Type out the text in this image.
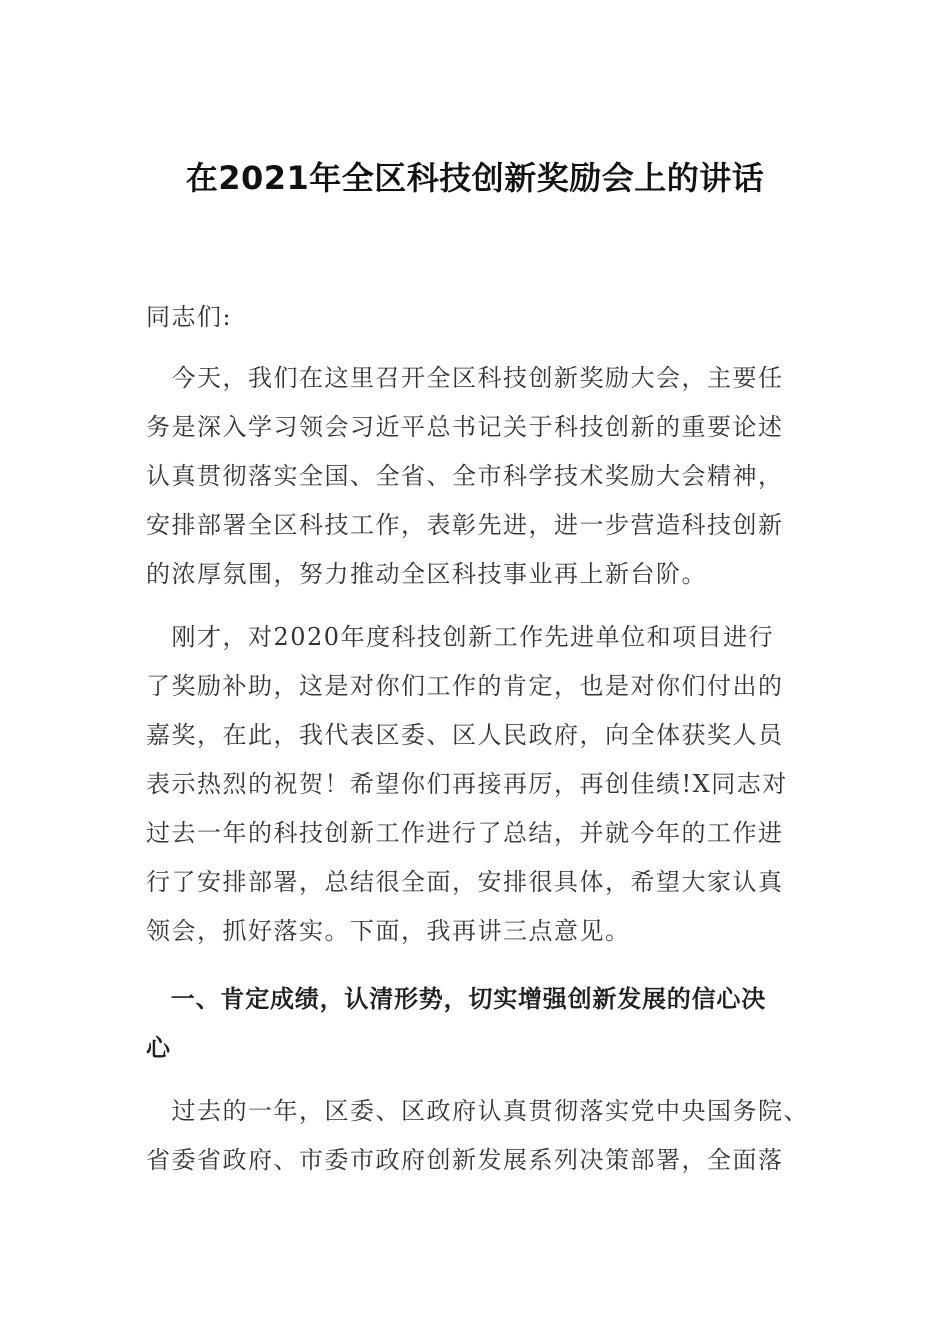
在2021年全区科技创新奖励会上的讲话
同志们:
　今天，我们在这里召开全区科技创新奖励大会，主要任
务是深入学习领会习近平总书记关于科技创新的重要论述
认真贯彻落实全国、全省、全市科学技术奖励大会精神，
安排部署全区科技工作，表彰先进，进一步营造科技创新
的浓厚氛围，努力推动全区科技事业再上新台阶。
　刚才，对2020年度科技创新工作先进单位和项目进行
了奖励补助，这是对你们工作的肯定，也是对你们付出的
嘉奖，在此，我代表区委、区人民政府，向全体获奖人员
表示热烈的祝贺！希望你们再接再厉，再创佳绩!X同志对
过去一年的科技创新工作进行了总结，并就今年的工作进
行了安排部署，总结很全面，安排很具体，希望大家认真
领会，抓好落实。下面，我再讲三点意见。
　一、肯定成绩，认清形势，切实增强创新发展的信心决
心
　过去的一年，区委、区政府认真贯彻落实党中央国务院、
省委省政府、市委市政府创新发展系列决策部署，全面落
